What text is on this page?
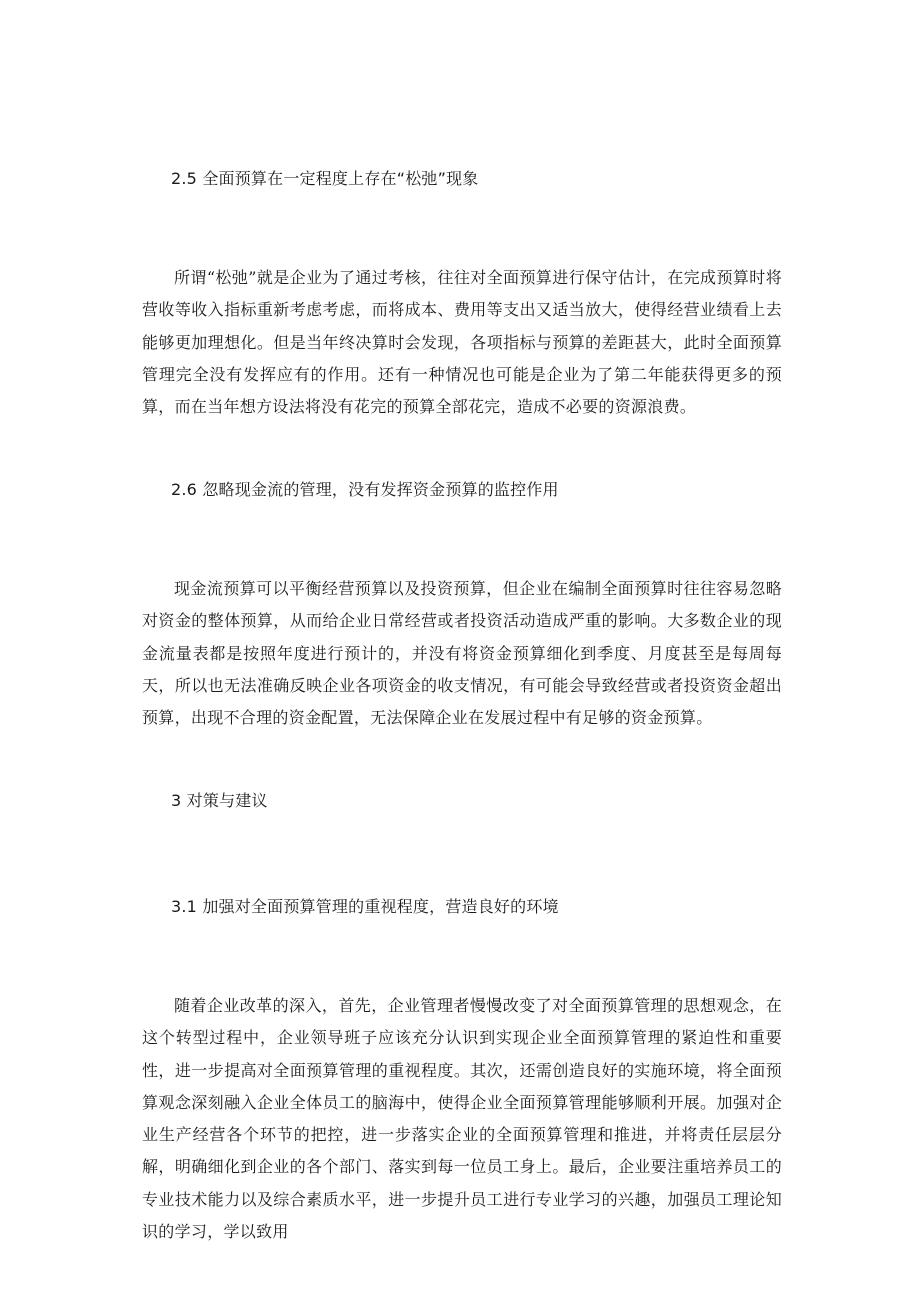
2.5 全面预算在一定程度上存在“松弛”现象

所谓“松弛”就是企业为了通过考核，往往对全面预算进行保守估计，在完成预算时将营收等收入指标重新考虑考虑，而将成本、费用等支出又适当放大，使得经营业绩看上去能够更加理想化。但是当年终决算时会发现，各项指标与预算的差距甚大，此时全面预算管理完全没有发挥应有的作用。还有一种情况也可能是企业为了第二年能获得更多的预算，而在当年想方设法将没有花完的预算全部花完，造成不必要的资源浪费。

2.6 忽略现金流的管理，没有发挥资金预算的监控作用

现金流预算可以平衡经营预算以及投资预算，但企业在编制全面预算时往往容易忽略对资金的整体预算，从而给企业日常经营或者投资活动造成严重的影响。大多数企业的现金流量表都是按照年度进行预计的，并没有将资金预算细化到季度、月度甚至是每周每天，所以也无法准确反映企业各项资金的收支情况，有可能会导致经营或者投资资金超出预算，出现不合理的资金配置，无法保障企业在发展过程中有足够的资金预算。

3 对策与建议
3.1 加强对全面预算管理的重视程度，营造良好的环境

随着企业改革的深入，首先，企业管理者慢慢改变了对全面预算管理的思想观念，在这个转型过程中，企业领导班子应该充分认识到实现企业全面预算管理的紧迫性和重要性，进一步提高对全面预算管理的重视程度。其次，还需创造良好的实施环境，将全面预算观念深刻融入企业全体员工的脑海中，使得企业全面预算管理能够顺利开展。加强对企业生产经营各个环节的把控，进一步落实企业的全面预算管理和推进，并将责任层层分解，明确细化到企业的各个部门、落实到每一位员工身上。最后，企业要注重培养员工的专业技术能力以及综合素质水平，进一步提升员工进行专业学习的兴趣，加强员工理论知识的学习，学以致用
